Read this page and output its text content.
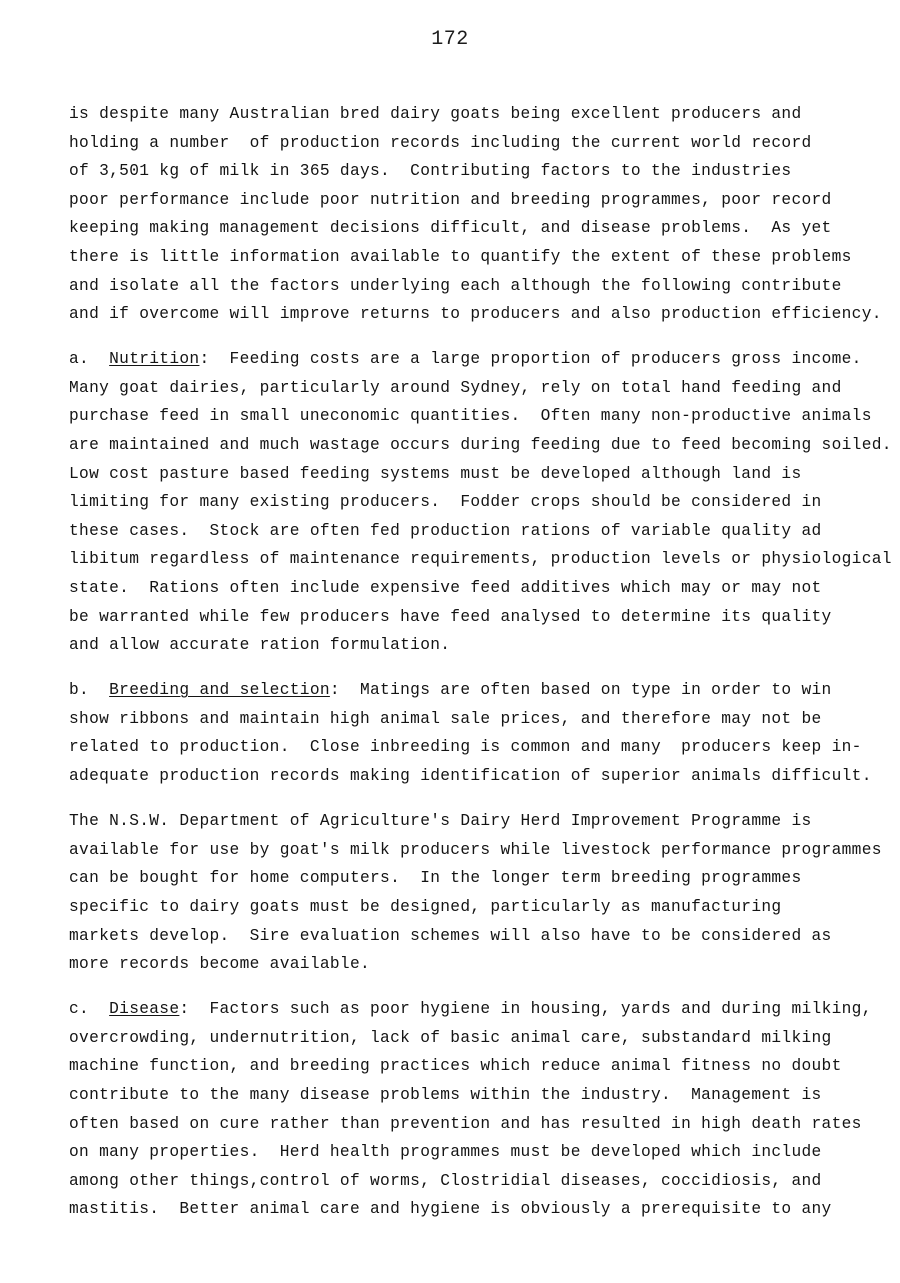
172
is despite many Australian bred dairy goats being excellent producers and
holding a number  of production records including the current world record
of 3,501 kg of milk in 365 days.  Contributing factors to the industries
poor performance include poor nutrition and breeding programmes, poor record
keeping making management decisions difficult, and disease problems.  As yet
there is little information available to quantify the extent of these problems
and isolate all the factors underlying each although the following contribute
and if overcome will improve returns to producers and also production efficiency.
a.  Nutrition:  Feeding costs are a large proportion of producers gross income.
Many goat dairies, particularly around Sydney, rely on total hand feeding and
purchase feed in small uneconomic quantities.  Often many non-productive animals
are maintained and much wastage occurs during feeding due to feed becoming soiled.
Low cost pasture based feeding systems must be developed although land is
limiting for many existing producers.  Fodder crops should be considered in
these cases.  Stock are often fed production rations of variable quality ad
libitum regardless of maintenance requirements, production levels or physiological
state.  Rations often include expensive feed additives which may or may not
be warranted while few producers have feed analysed to determine its quality
and allow accurate ration formulation.
b.  Breeding and selection:  Matings are often based on type in order to win
show ribbons and maintain high animal sale prices, and therefore may not be
related to production.  Close inbreeding is common and many  producers keep in-
adequate production records making identification of superior animals difficult.
The N.S.W. Department of Agriculture's Dairy Herd Improvement Programme is
available for use by goat's milk producers while livestock performance programmes
can be bought for home computers.  In the longer term breeding programmes
specific to dairy goats must be designed, particularly as manufacturing
markets develop.  Sire evaluation schemes will also have to be considered as
more records become available.
c.  Disease:  Factors such as poor hygiene in housing, yards and during milking,
overcrowding, undernutrition, lack of basic animal care, substandard milking
machine function, and breeding practices which reduce animal fitness no doubt
contribute to the many disease problems within the industry.  Management is
often based on cure rather than prevention and has resulted in high death rates
on many properties.  Herd health programmes must be developed which include
among other things,control of worms, Clostridial diseases, coccidiosis, and
mastitis.  Better animal care and hygiene is obviously a prerequisite to any
